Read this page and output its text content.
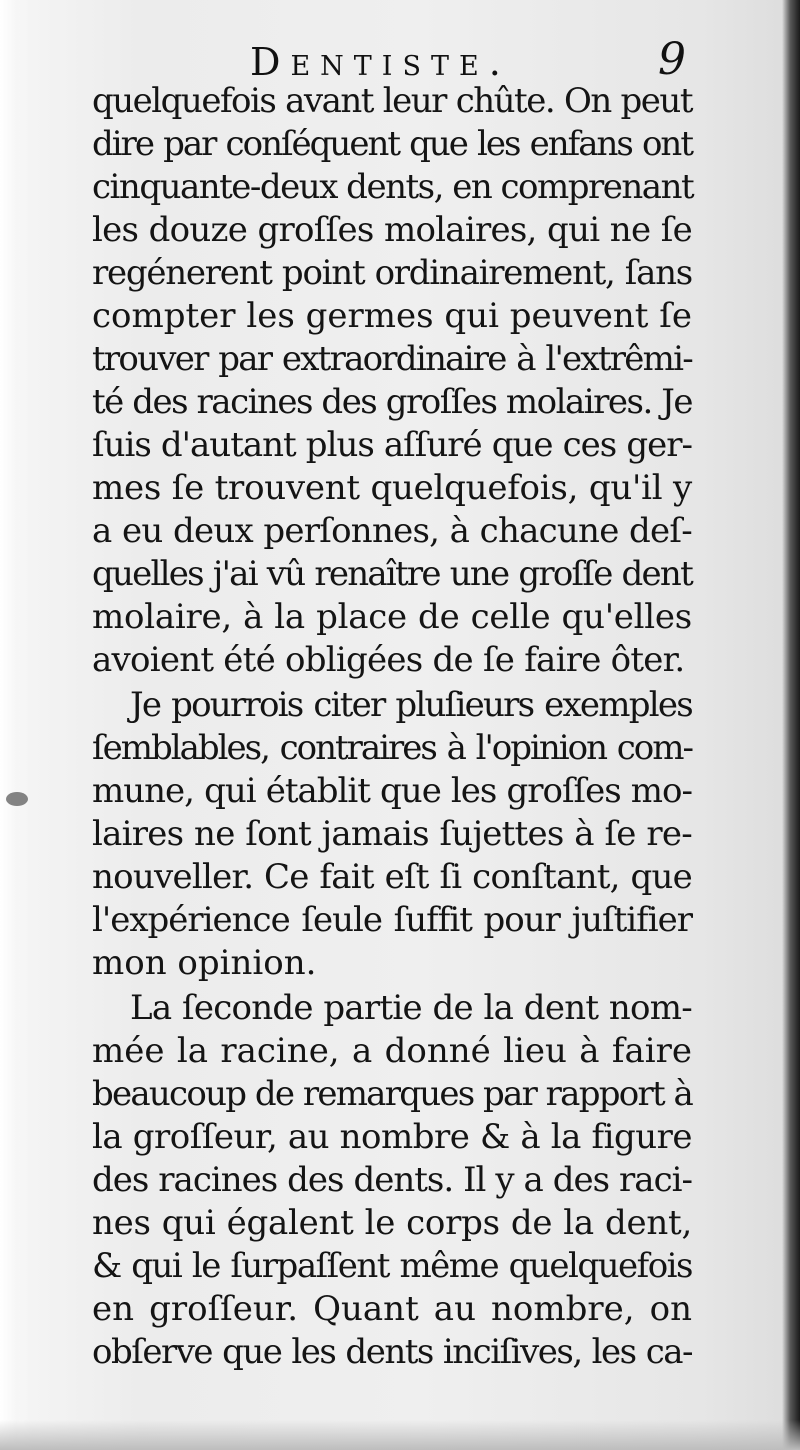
Dentiste.	9
quelquefois avant leur chûte. On peut
dire par conſéquent que les enfans ont
cinquante-deux dents, en comprenant
les douze groſſes molaires, qui ne ſe
regénerent point ordinairement, ſans
compter les germes qui peuvent ſe
trouver par extraordinaire à l'extrêmi-
té des racines des groſſes molaires. Je
ſuis d'autant plus aſſuré que ces ger-
mes ſe trouvent quelquefois, qu'il y
a eu deux perſonnes, à chacune deſ-
quelles j'ai vû renaître une groſſe dent
molaire, à la place de celle qu'elles
avoient été obligées de ſe faire ôter.
Je pourrois citer pluſieurs exemples
ſemblables, contraires à l'opinion com-
mune, qui établit que les groſſes mo-
laires ne ſont jamais ſujettes à ſe re-
nouveller. Ce fait eſt ſi conſtant, que
l'expérience ſeule ſuffit pour juſtifier
mon opinion.
La ſeconde partie de la dent nom-
mée la racine, a donné lieu à faire
beaucoup de remarques par rapport à
la groſſeur, au nombre & à la figure
des racines des dents. Il y a des raci-
nes qui égalent le corps de la dent,
& qui le ſurpaſſent même quelquefois
en groſſeur. Quant au nombre, on
obſerve que les dents inciſives, les ca-
